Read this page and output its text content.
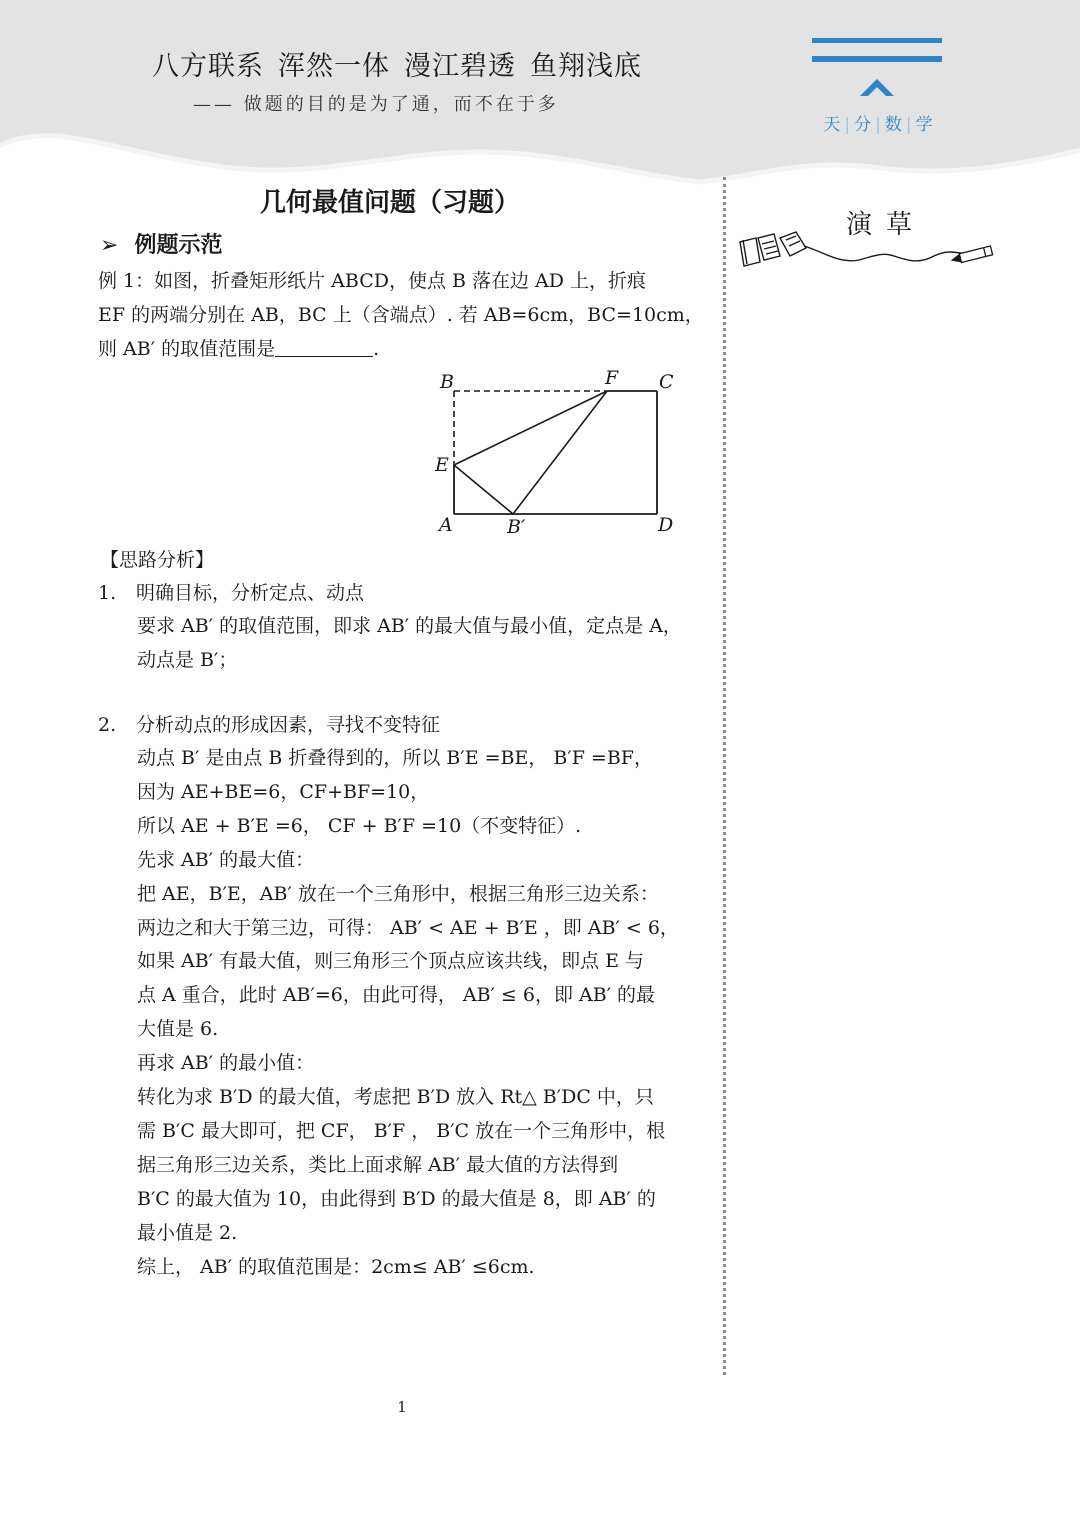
八方联系 浑然一体 漫江碧透 鱼翔浅底
—— 做题的目的是为了通，而不在于多
天 | 分 | 数 | 学
几何最值问题（习题）
➢ 例题示范
例 1：如图，折叠矩形纸片 ABCD，使点 B 落在边 AD 上，折痕
EF 的两端分别在 AB，BC 上（含端点）. 若 AB=6cm，BC=10cm，
则 AB′ 的取值范围是	.
B	F C
E
A	B′	D
【思路分析】
1. 明确目标，分析定点、动点
要求 AB′ 的取值范围，即求 AB′ 的最大值与最小值，定点是 A，
动点是 B′；
2. 分析动点的形成因素，寻找不变特征
动点 B′ 是由点 B 折叠得到的，所以 B′E =BE， B′F =BF，
因为 AE+BE=6，CF+BF=10，
所以 AE + B′E =6， CF + B′F =10（不变特征）.
先求 AB′ 的最大值：
把 AE，B′E，AB′ 放在一个三角形中，根据三角形三边关系：
两边之和大于第三边，可得： AB′ < AE + B′E ，即 AB′ < 6，
如果 AB′ 有最大值，则三角形三个顶点应该共线，即点 E 与
点 A 重合，此时 AB′=6，由此可得， AB′ ≤ 6，即 AB′ 的最
大值是 6.
再求 AB′ 的最小值：
转化为求 B′D 的最大值，考虑把 B′D 放入 Rt△ B′DC 中，只
需 B′C 最大即可，把 CF， B′F ， B′C 放在一个三角形中，根
据三角形三边关系，类比上面求解 AB′ 最大值的方法得到
B′C 的最大值为 10，由此得到 B′D 的最大值是 8，即 AB′ 的
最小值是 2.
综上， AB′ 的取值范围是：2cm≤ AB′ ≤6cm.
演草
1
